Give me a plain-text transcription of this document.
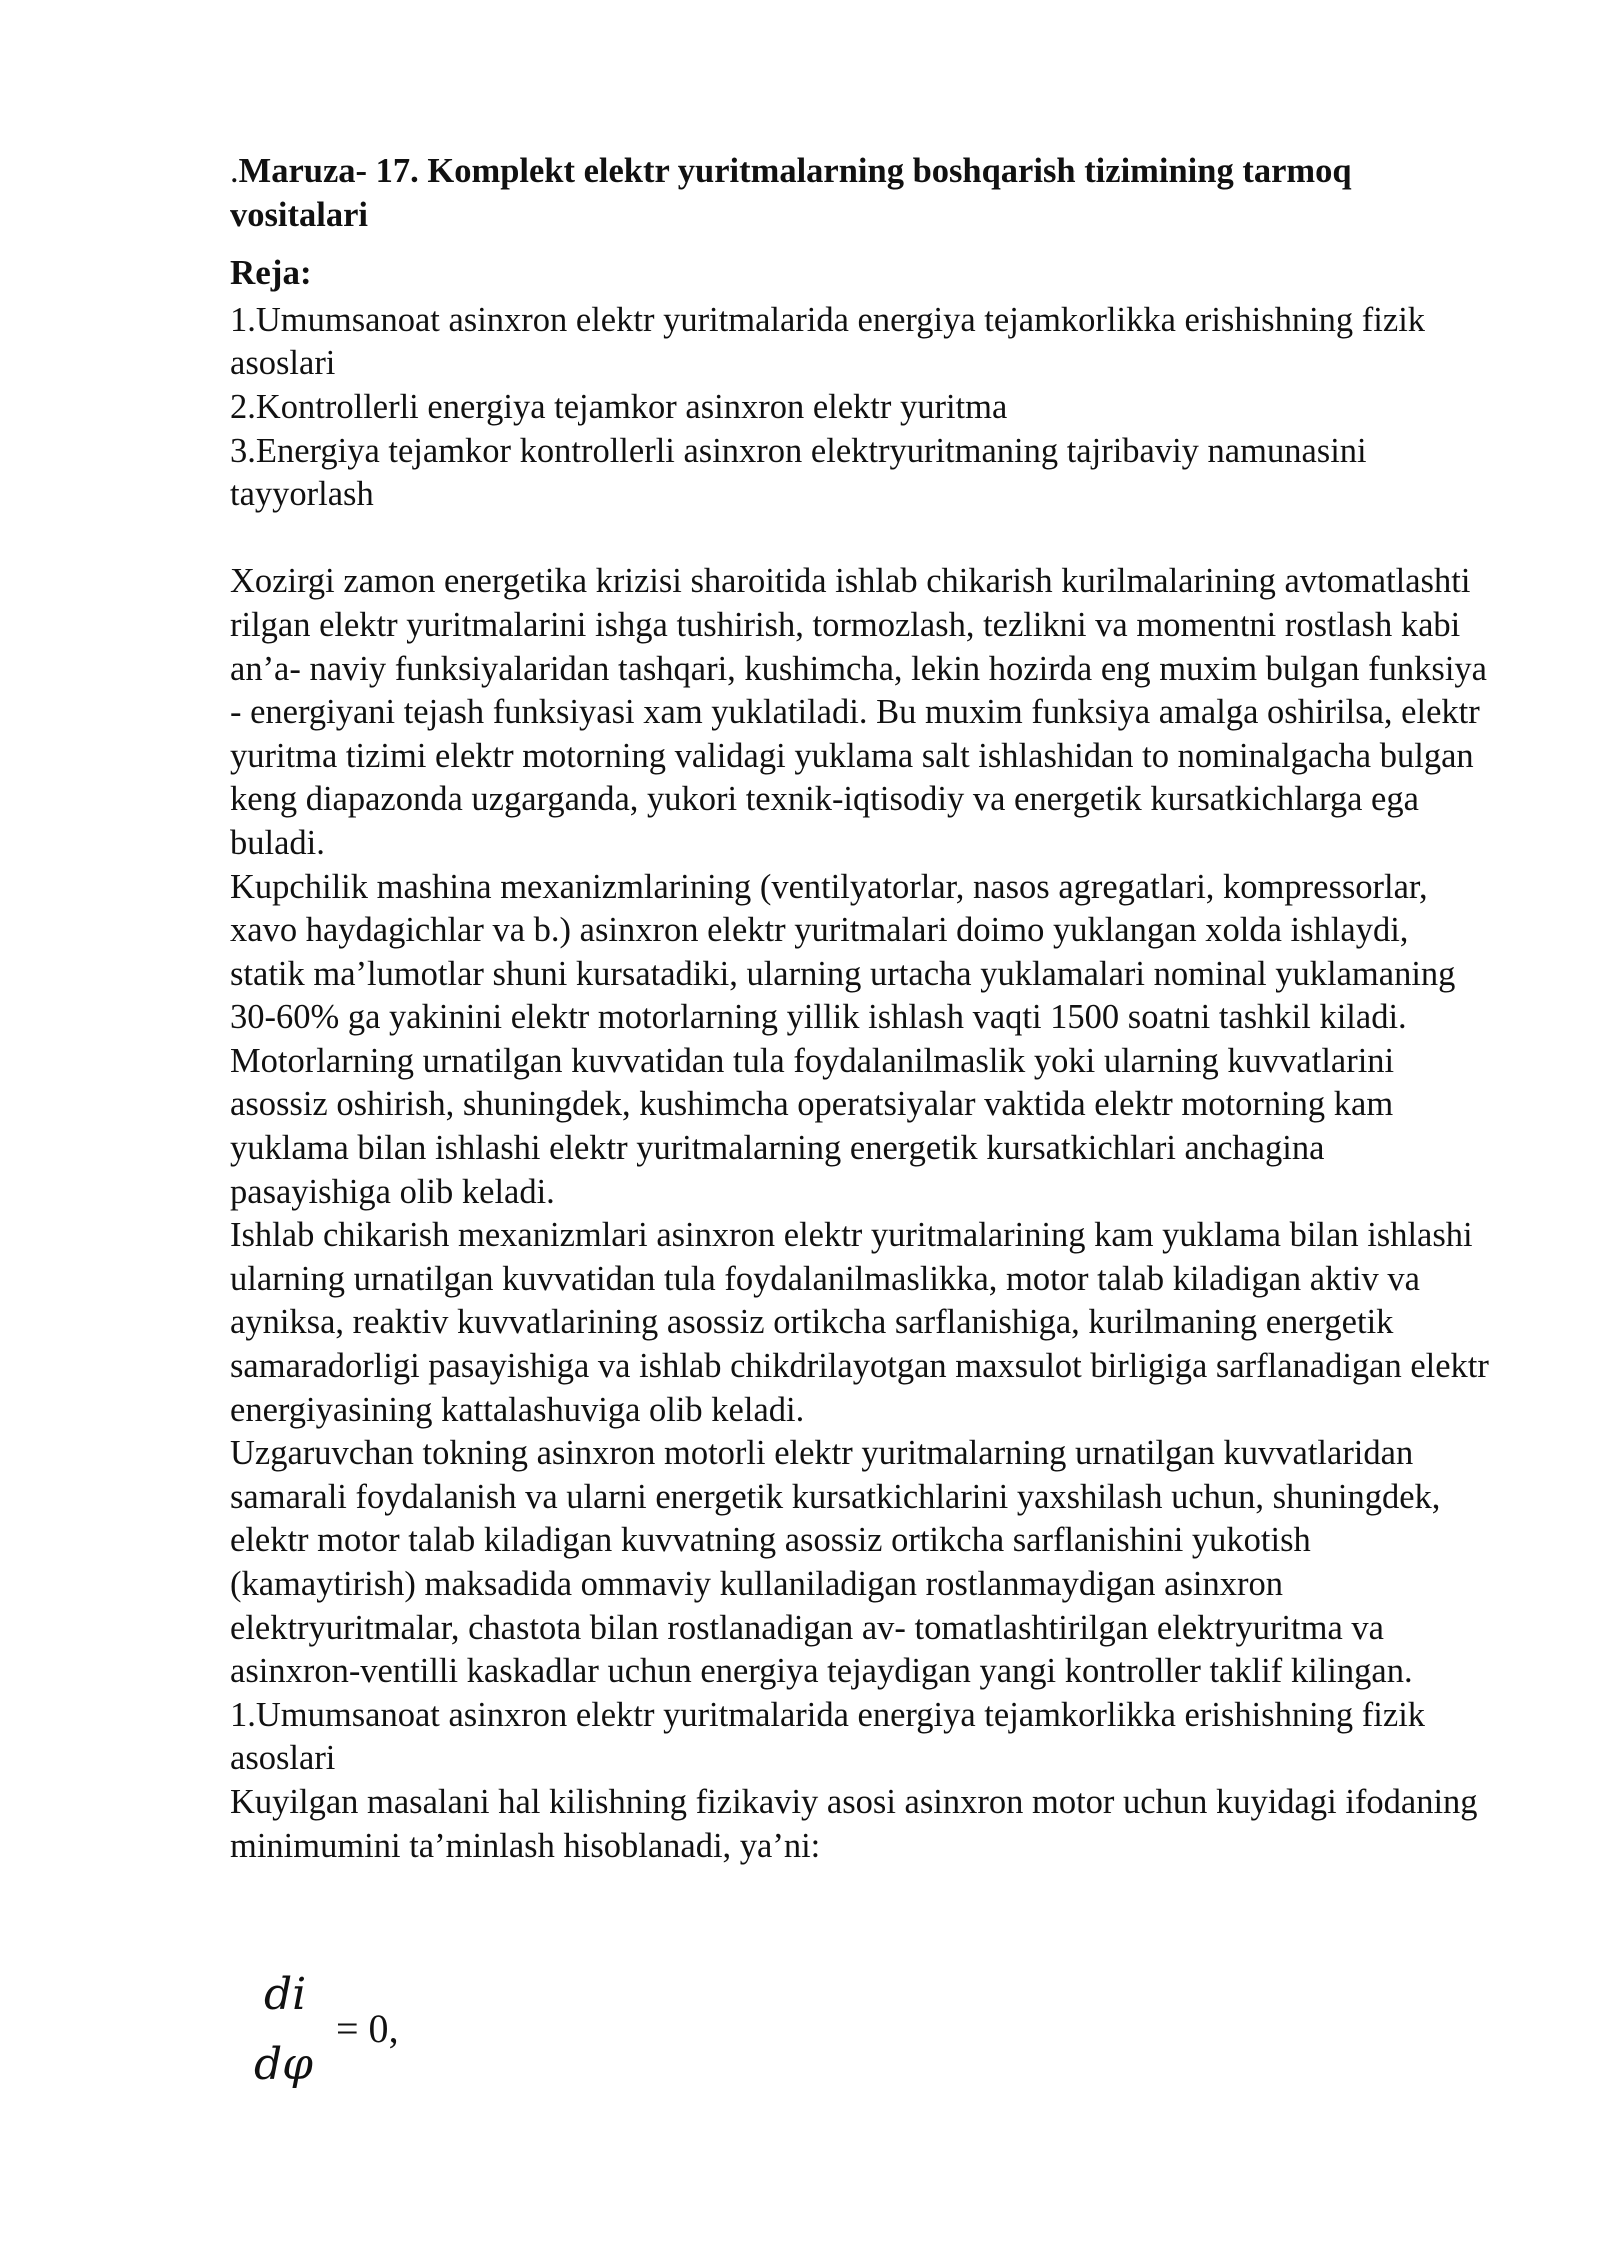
.Maruza- 17. Komplekt elektr yuritmalarning boshqarish tizimining tarmoq vositalari

Reja:

1.Umumsanoat asinxron elektr yuritmalarida energiya tejamkorlikka erishishning fizik asoslari

2.Kontrollerli energiya tejamkor asinxron elektr yuritma

3.Energiya tejamkor kontrollerli asinxron elektryuritmaning tajribaviy namunasini tayyorlash

Xozirgi zamon energetika krizisi sharoitida ishlab chikarish kurilmalarining avtomatlashti rilgan elektr yuritmalarini ishga tushirish, tormozlash, tezlikni va momentni rostlash kabi an’a- naviy funksiyalaridan tashqari, kushimcha, lekin hozirda eng muxim bulgan funksiya - energiyani tejash funksiyasi xam yuklatiladi. Bu muxim funksiya amalga oshirilsa, elektr yuritma tizimi elektr motorning validagi yuklama salt ishlashidan to nominalgacha bulgan keng diapazonda uzgarganda, yukori texnik-iqtisodiy va energetik kursatkichlarga ega buladi.

Kupchilik mashina mexanizmlarining (ventilyatorlar, nasos agregatlari, kompressorlar, xavo haydagichlar va b.) asinxron elektr yuritmalari doimo yuklangan xolda ishlaydi, statik ma’lumotlar shuni kursatadiki, ularning urtacha yuklamalari nominal yuklamaning 30-60% ga yakinini elektr motorlarning yillik ishlash vaqti 1500 soatni tashkil kiladi.

Motorlarning urnatilgan kuvvatidan tula foydalanilmaslik yoki ularning kuvvatlarini asossiz oshirish, shuningdek, kushimcha operatsiyalar vaktida elektr motorning kam yuklama bilan ishlashi elektr yuritmalarning energetik kursatkichlari anchagina pasayishiga olib keladi.

Ishlab chikarish mexanizmlari asinxron elektr yuritmalarining kam yuklama bilan ishlashi ularning urnatilgan kuvvatidan tula foydalanilmaslikka, motor talab kiladigan aktiv va ayniksa, reaktiv kuvvatlarining asossiz ortikcha sarflanishiga, kurilmaning energetik samaradorligi pasayishiga va ishlab chikdrilayotgan maxsulot birligiga sarflanadigan elektr energiyasining kattalashuviga olib keladi.

Uzgaruvchan tokning asinxron motorli elektr yuritmalarning urnatilgan kuvvatlaridan samarali foydalanish va ularni energetik kursatkichlarini yaxshilash uchun, shuningdek, elektr motor talab kiladigan kuvvatning asossiz ortikcha sarflanishini yukotish (kamaytirish) maksadida ommaviy kullaniladigan rostlanmaydigan asinxron elektryuritmalar, chastota bilan rostlanadigan av- tomatlashtirilgan elektryuritma va asinxron-ventilli kaskadlar uchun energiya tejaydigan yangi kontroller taklif kilingan.

1.Umumsanoat asinxron elektr yuritmalarida energiya tejamkorlikka erishishning fizik asoslari

Kuyilgan masalani hal kilishning fizikaviy asosi asinxron motor uchun kuyidagi ifodaning minimumini ta’minlash hisoblanadi, ya’ni:

di
dφ
= 0,
